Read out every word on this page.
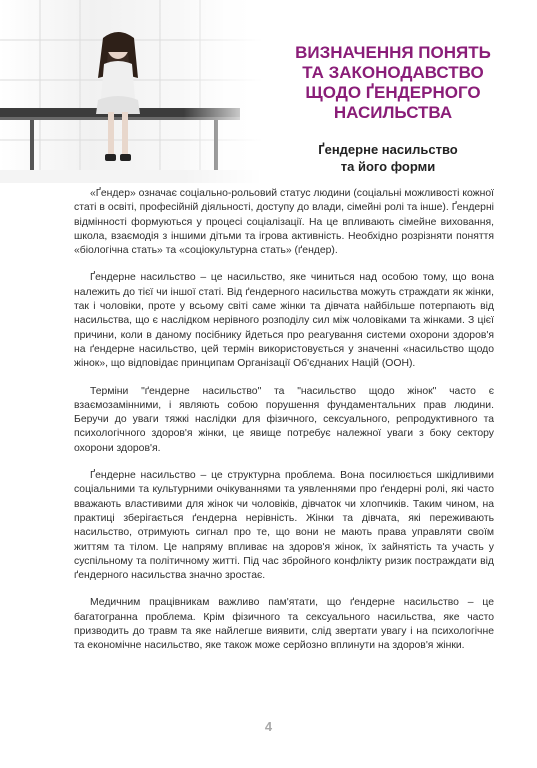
ВИЗНАЧЕННЯ ПОНЯТЬ
ТА ЗАКОНОДАВСТВО
ЩОДО ҐЕНДЕРНОГО
НАСИЛЬСТВА
Ґендерне насильство
та його форми

«Ґендер» означає соціально-рольовий статус людини (соціальні можливості кожної статі в освіті, професійній діяльності, доступу до влади, сімейні ролі та інше). Ґендерні відмінності формуються у процесі соціалізації. На це впливають сімейне виховання, школа, взаємодія з іншими дітьми та ігрова активність. Необхідно розрізняти поняття «біологічна стать» та «соціокультурна стать» (ґендер).

Ґендерне насильство – це насильство, яке чиниться над особою тому, що вона належить до тієї чи іншої статі. Від ґендерного насильства можуть страждати як жінки, так і чоловіки, проте у всьому світі саме жінки та дівчата найбільше потерпають від насильства, що є наслідком нерівного розподілу сил між чоловіками та жінками. З цієї причини, коли в даному посібнику йдеться про реагування системи охорони здоров'я на ґендерне насильство, цей термін використовується у значенні «насильство щодо жінок», що відповідає принципам Організації Об'єднаних Націй (ООН).

Терміни "ґендерне насильство" та "насильство щодо жінок" часто є взаємозамінними, і являють собою порушення фундаментальних прав людини. Беручи до уваги тяжкі наслідки для фізичного, сексуального, репродуктивного та психологічного здоров'я жінки, це явище потребує належної уваги з боку сектору охорони здоров'я.

Ґендерне насильство – це структурна проблема. Вона посилюється шкідливими соціальними та культурними очікуваннями та уявленнями про ґендерні ролі, які часто вважають властивими для жінок чи чоловіків, дівчаток чи хлопчиків. Таким чином, на практиці зберігається ґендерна нерівність. Жінки та дівчата, які переживають насильство, отримують сигнал про те, що вони не мають права управляти своїм життям та тілом. Це напряму впливає на здоров'я жінок, їх зайнятість та участь у суспільному та політичному житті. Під час збройного конфлікту ризик постраждати від ґендерного насильства значно зростає.

Медичним працівникам важливо пам'ятати, що ґендерне насильство – це багатогранна проблема. Крім фізичного та сексуального насильства, яке часто призводить до травм та яке найлегше виявити, слід звертати увагу і на психологічне та економічне насильство, яке також може серйозно вплинути на здоров'я жінки.

4
